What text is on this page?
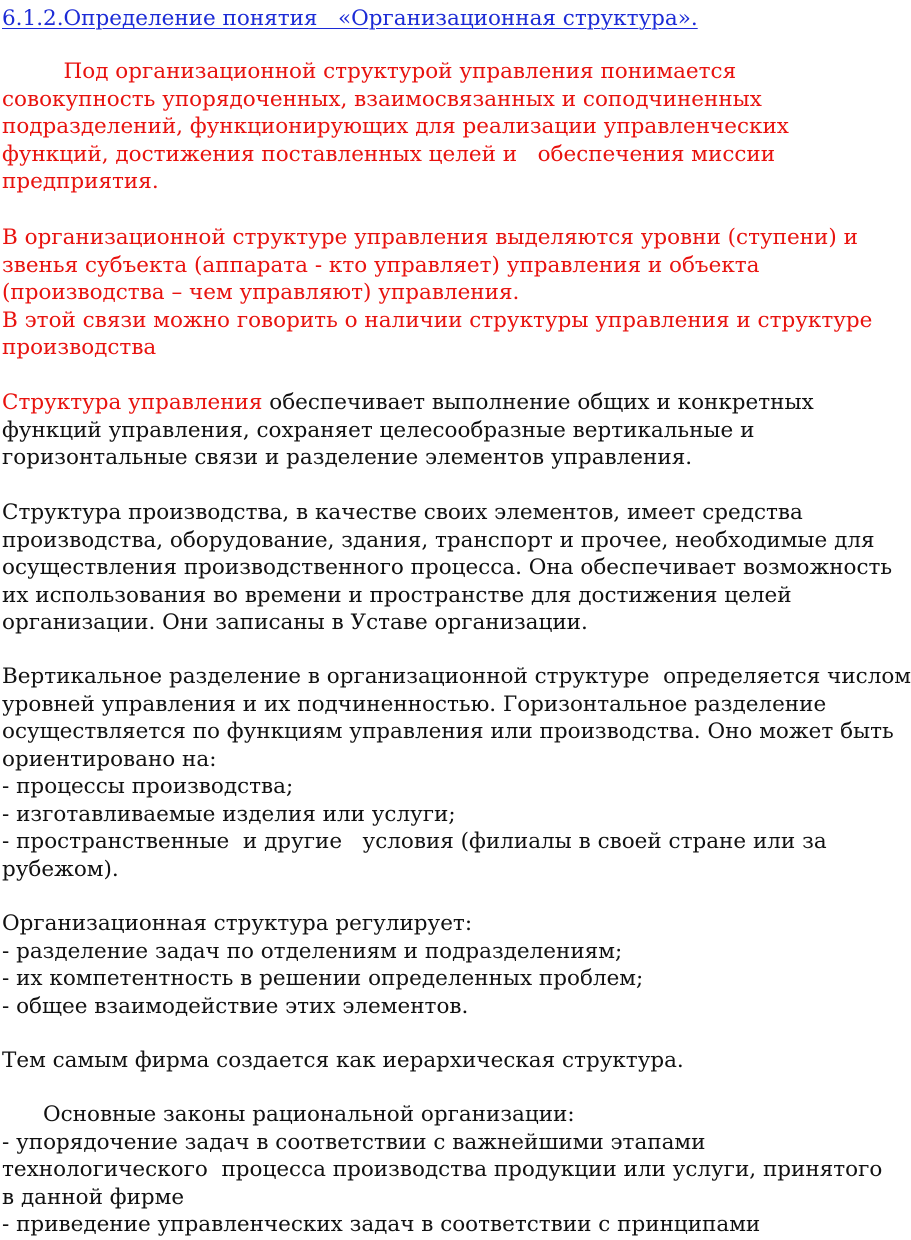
6.1.2.Определение понятия   «Организационная структура».
Под организационной структурой управления понимается
совокупность упорядоченных, взаимосвязанных и соподчиненных
подразделений, функционирующих для реализации управленческих
функций, достижения поставленных целей и   обеспечения миссии
предприятия.
В организационной структуре управления выделяются уровни (ступени) и
звенья субъекта (аппарата - кто управляет) управления и объекта
(производства – чем управляют) управления.
В этой связи можно говорить о наличии структуры управления и структуре
производства
Структура управления обеспечивает выполнение общих и конкретных
функций управления, сохраняет целесообразные вертикальные и
горизонтальные связи и разделение элементов управления.
Структура производства, в качестве своих элементов, имеет средства
производства, оборудование, здания, транспорт и прочее, необходимые для
осуществления производственного процесса. Она обеспечивает возможность
их использования во времени и пространстве для достижения целей
организации. Они записаны в Уставе организации.
Вертикальное разделение в организационной структуре  определяется числом
уровней управления и их подчиненностью. Горизонтальное разделение
осуществляется по функциям управления или производства. Оно может быть
ориентировано на:
- процессы производства;
- изготавливаемые изделия или услуги;
- пространственные  и другие   условия (филиалы в своей стране или за
рубежом).
Организационная структура регулирует:
- разделение задач по отделениям и подразделениям;
- их компетентность в решении определенных проблем;
- общее взаимодействие этих элементов.
Тем самым фирма создается как иерархическая структура.
Основные законы рациональной организации:
- упорядочение задач в соответствии с важнейшими этапами
технологического  процесса производства продукции или услуги, принятого
в данной фирме
- приведение управленческих задач в соответствии с принципами
